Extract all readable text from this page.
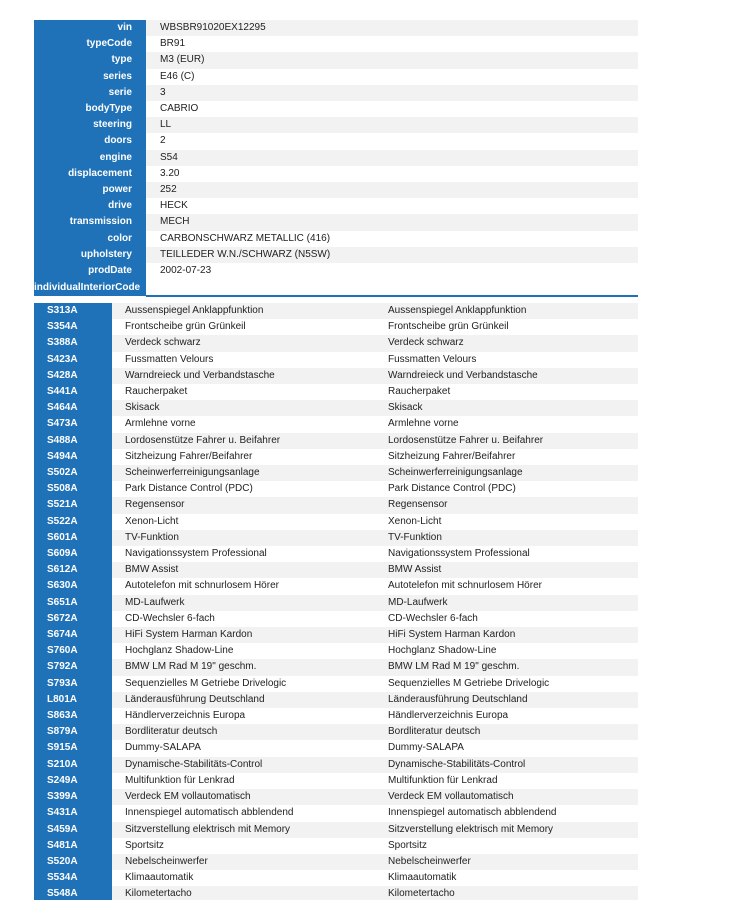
vin	WBSBR91020EX12295
typeCode	BR91
type	M3 (EUR)
series	E46 (C)
serie	3
bodyType	CABRIO
steering	LL
doors	2
engine	S54
displacement	3.20
power	252
drive	HECK
transmission	MECH
color	CARBONSCHWARZ METALLIC (416)
upholstery	TEILLEDER W.N./SCHWARZ (N5SW)
prodDate	2002-07-23
individualInteriorCode	
S313A	Aussenspiegel Anklappfunktion	Aussenspiegel Anklappfunktion
S354A	Frontscheibe grün Grünkeil	Frontscheibe grün Grünkeil
S388A	Verdeck schwarz	Verdeck schwarz
S423A	Fussmatten Velours	Fussmatten Velours
S428A	Warndreieck und Verbandstasche	Warndreieck und Verbandstasche
S441A	Raucherpaket	Raucherpaket
S464A	Skisack	Skisack
S473A	Armlehne vorne	Armlehne vorne
S488A	Lordosenstütze Fahrer u. Beifahrer	Lordosenstütze Fahrer u. Beifahrer
S494A	Sitzheizung Fahrer/Beifahrer	Sitzheizung Fahrer/Beifahrer
S502A	Scheinwerferreinigungsanlage	Scheinwerferreinigungsanlage
S508A	Park Distance Control (PDC)	Park Distance Control (PDC)
S521A	Regensensor	Regensensor
S522A	Xenon-Licht	Xenon-Licht
S601A	TV-Funktion	TV-Funktion
S609A	Navigationssystem Professional	Navigationssystem Professional
S612A	BMW Assist	BMW Assist
S630A	Autotelefon mit schnurlosem Hörer	Autotelefon mit schnurlosem Hörer
S651A	MD-Laufwerk	MD-Laufwerk
S672A	CD-Wechsler 6-fach	CD-Wechsler 6-fach
S674A	HiFi System Harman Kardon	HiFi System Harman Kardon
S760A	Hochglanz Shadow-Line	Hochglanz Shadow-Line
S792A	BMW LM Rad M 19" geschm.	BMW LM Rad M 19" geschm.
S793A	Sequenzielles M Getriebe Drivelogic	Sequenzielles M Getriebe Drivelogic
L801A	Länderausführung Deutschland	Länderausführung Deutschland
S863A	Händlerverzeichnis Europa	Händlerverzeichnis Europa
S879A	Bordliteratur deutsch	Bordliteratur deutsch
S915A	Dummy-SALAPA	Dummy-SALAPA
S210A	Dynamische-Stabilitäts-Control	Dynamische-Stabilitäts-Control
S249A	Multifunktion für Lenkrad	Multifunktion für Lenkrad
S399A	Verdeck EM vollautomatisch	Verdeck EM vollautomatisch
S431A	Innenspiegel automatisch abblendend	Innenspiegel automatisch abblendend
S459A	Sitzverstellung elektrisch mit Memory	Sitzverstellung elektrisch mit Memory
S481A	Sportsitz	Sportsitz
S520A	Nebelscheinwerfer	Nebelscheinwerfer
S534A	Klimaautomatik	Klimaautomatik
S548A	Kilometertacho	Kilometertacho
